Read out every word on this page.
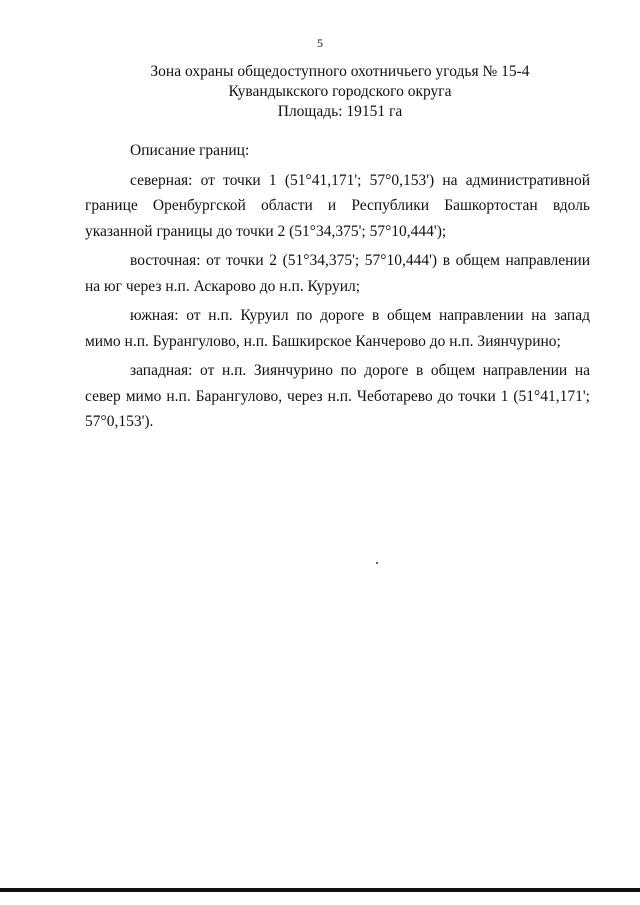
5
Зона охраны общедоступного охотничьего угодья № 15-4
Кувандыкского городского округа
Площадь: 19151 га
Описание границ:

северная: от точки 1 (51°41,171'; 57°0,153') на административной границе Оренбургской области и Республики Башкортостан вдоль указанной границы до точки 2 (51°34,375'; 57°10,444');

восточная: от точки 2 (51°34,375'; 57°10,444') в общем направлении на юг через н.п. Аскарово до н.п. Куруил;

южная: от н.п. Куруил по дороге в общем направлении на запад мимо н.п. Бурангулово, н.п. Башкирское Канчерово до н.п. Зиянчурино;

западная: от н.п. Зиянчурино по дороге в общем направлении на север мимо н.п. Барангулово, через н.п. Чеботарево до точки 1 (51°41,171'; 57°0,153').
